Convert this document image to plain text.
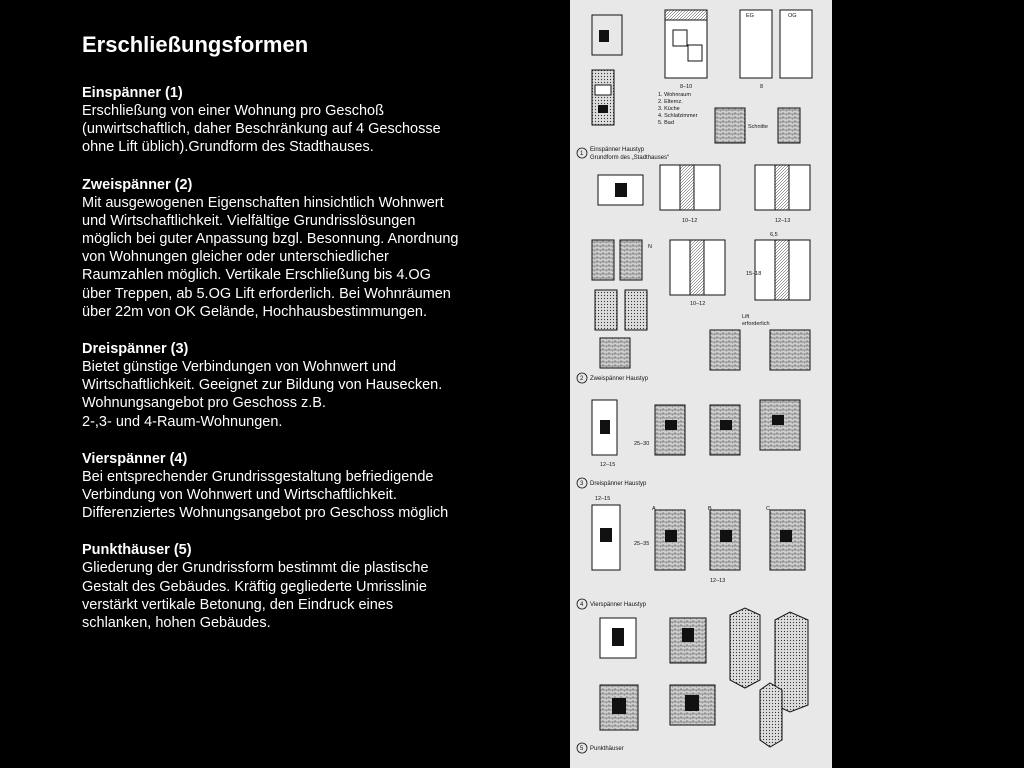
Erschließungsformen
Einspänner (1)

Erschließung von einer Wohnung pro Geschoß
(unwirtschaftlich, daher Beschränkung auf 4 Geschosse
ohne Lift üblich).Grundform des Stadthauses.

Zweispänner (2)

Mit ausgewogenen Eigenschaften hinsichtlich Wohnwert
und Wirtschaftlichkeit. Vielfältige Grundrisslösungen
möglich bei guter Anpassung bzgl. Besonnung. Anordnung
von Wohnungen gleicher oder unterschiedlicher
Raumzahlen möglich. Vertikale Erschließung bis 4.OG
über Treppen, ab 5.OG Lift erforderlich. Bei Wohnräumen
über 22m von OK Gelände, Hochhausbestimmungen.

Dreispänner (3)

Bietet günstige Verbindungen von Wohnwert und
Wirtschaftlichkeit. Geeignet zur Bildung von Hausecken.
Wohnungsangebot pro Geschoss z.B.
2-,3- und 4-Raum-Wohnungen.

Vierspänner (4)

Bei entsprechender Grundrissgestaltung befriedigende
Verbindung von Wohnwert und Wirtschaftlichkeit.
Differenziertes Wohnungsangebot pro Geschoss möglich

Punkthäuser (5)

Gliederung der Grundrissform bestimmt die plastische
Gestalt des Gebäudes. Kräftig gegliederte Umrisslinie
verstärkt vertikale Betonung, den Eindruck eines
schlanken, hohen Gebäudes.

EG	OG
8–10	8
1. Wohnraum
2. Elternz.
3. Küche
4. Schlafzimmer
5. Bad
Schnitte
1
Einspänner Haustyp
Grundform des „Stadthauses“
10–12	12–13
6,5
N
10–12
15–18
Lift
erforderlich
2 Zweispänner Haustyp
12–15
25–30
3 Dreispänner Haustyp
12–15
25–35
A	B	C
12–13
4 Vierspänner Haustyp
5 Punkthäuser
